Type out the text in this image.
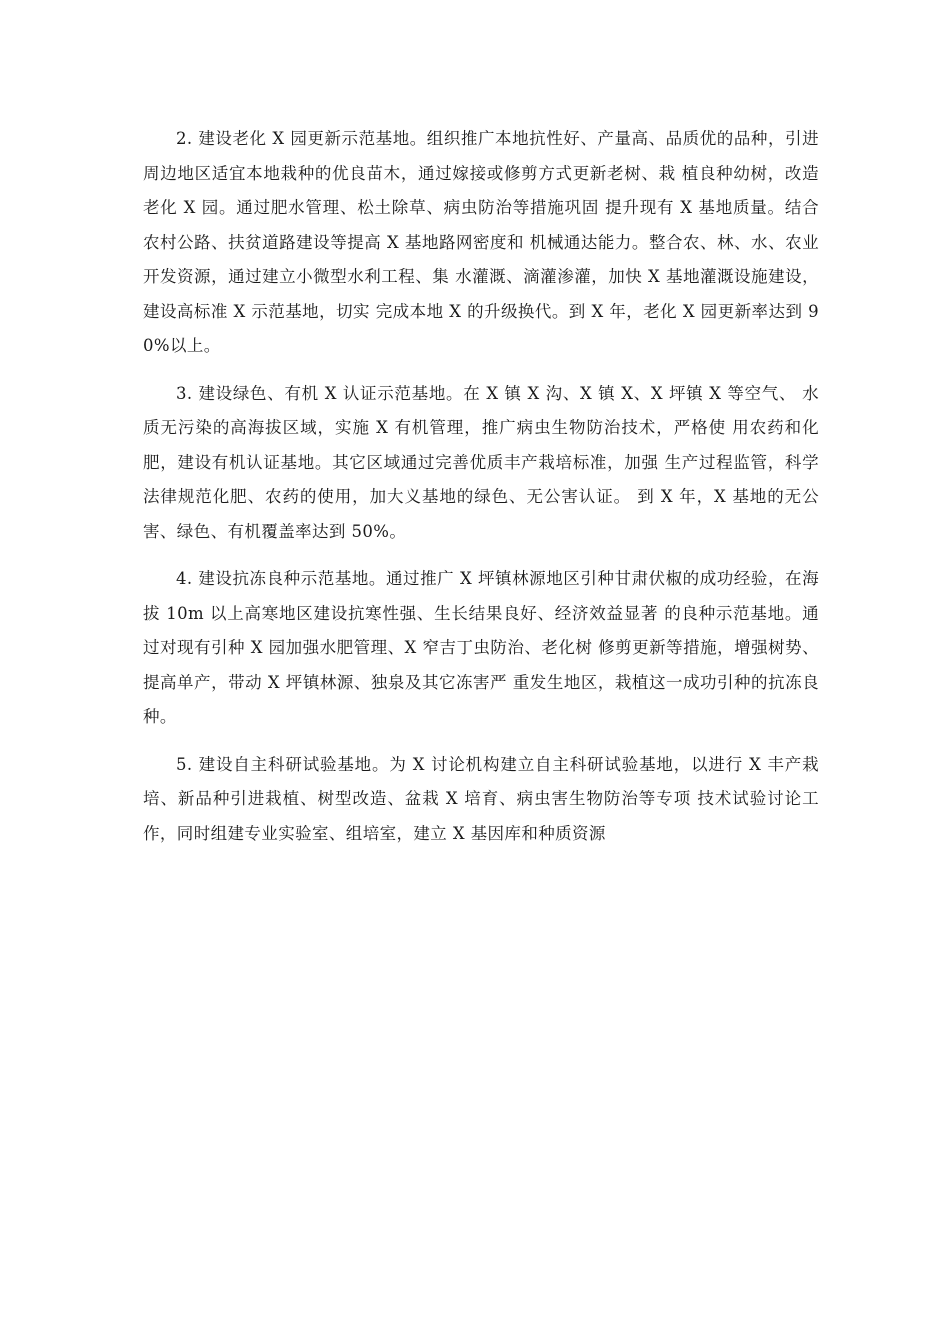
2. 建设老化 X 园更新示范基地。组织推广本地抗性好、产量高、品质优的品种，引进周边地区适宜本地栽种的优良苗木，通过嫁接或修剪方式更新老树、栽 植良种幼树，改造老化 X 园。通过肥水管理、松土除草、病虫防治等措施巩固 提升现有 X 基地质量。结合农村公路、扶贫道路建设等提高 X 基地路网密度和 机械通达能力。整合农、林、水、农业开发资源，通过建立小微型水利工程、集 水灌溉、滴灌渗灌，加快 X 基地灌溉设施建设，建设高标准 X 示范基地，切实 完成本地 X 的升级换代。到 X 年，老化 X 园更新率达到 90%以上。

3. 建设绿色、有机 X 认证示范基地。在 X 镇 X 沟、X 镇 X、X 坪镇 X 等空气、 水质无污染的高海拔区域，实施 X 有机管理，推广病虫生物防治技术，严格使 用农药和化肥，建设有机认证基地。其它区域通过完善优质丰产栽培标准，加强 生产过程监管，科学法律规范化肥、农药的使用，加大义基地的绿色、无公害认证。 到 X 年，X 基地的无公害、绿色、有机覆盖率达到 50%。

4. 建设抗冻良种示范基地。通过推广 X 坪镇林源地区引种甘肃伏椒的成功经验，在海拔 10m 以上高寒地区建设抗寒性强、生长结果良好、经济效益显著 的良种示范基地。通过对现有引种 X 园加强水肥管理、X 窄吉丁虫防治、老化树 修剪更新等措施，增强树势、提高单产，带动 X 坪镇林源、独泉及其它冻害严 重发生地区，栽植这一成功引种的抗冻良种。

5. 建设自主科研试验基地。为 X 讨论机构建立自主科研试验基地，以进行 X 丰产栽培、新品种引进栽植、树型改造、盆栽 X 培育、病虫害生物防治等专项 技术试验讨论工作，同时组建专业实验室、组培室，建立 X 基因库和种质资源
